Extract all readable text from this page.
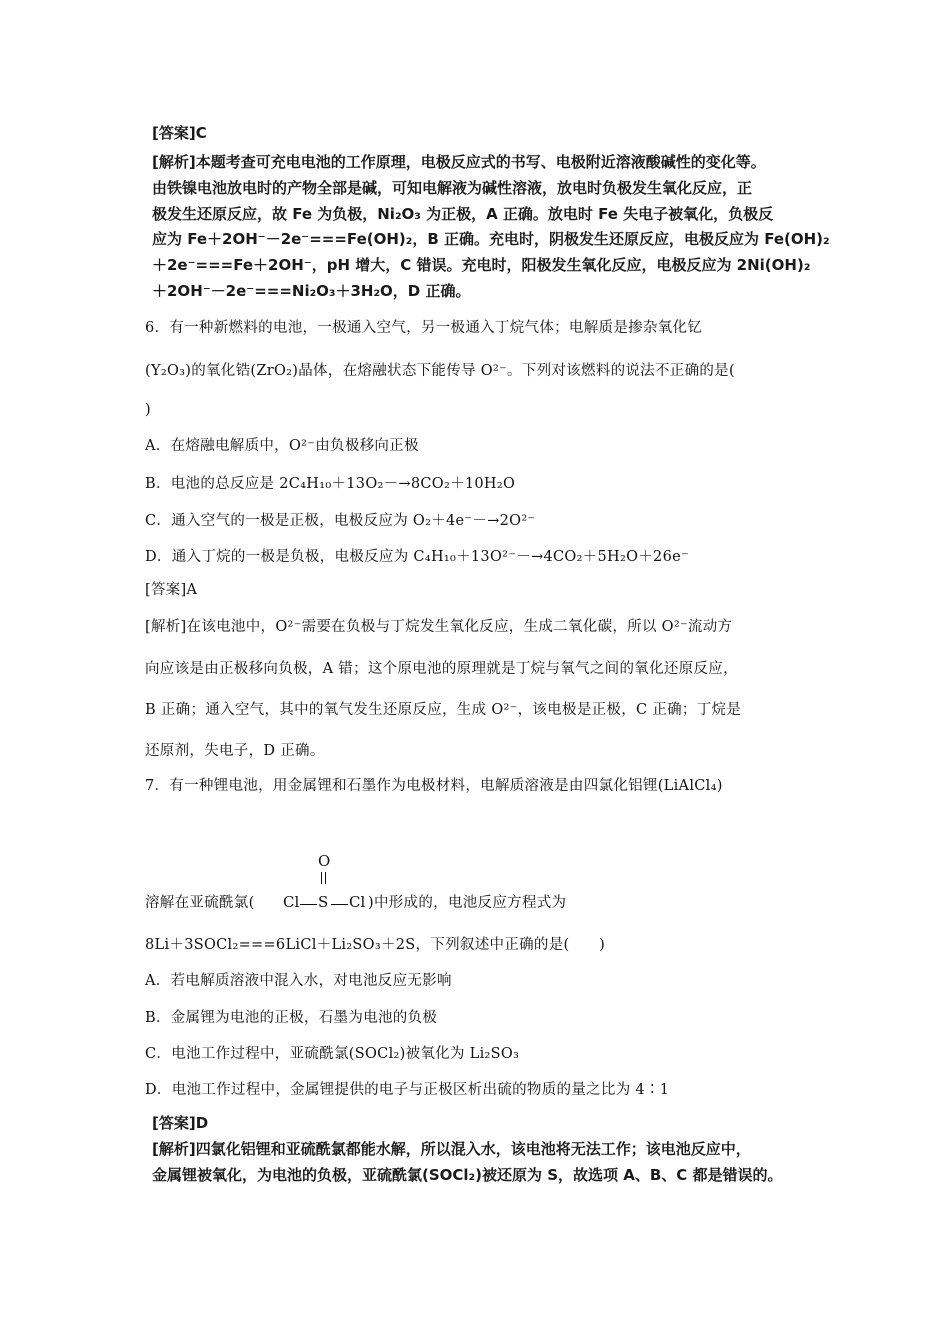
[答案]C
[解析]本题考查可充电电池的工作原理，电极反应式的书写、电极附近溶液酸碱性的变化等。
由铁镍电池放电时的产物全部是碱，可知电解液为碱性溶液，放电时负极发生氧化反应，正
极发生还原反应，故 Fe 为负极，Ni₂O₃ 为正极，A 正确。放电时 Fe 失电子被氧化，负极反
应为 Fe＋2OH⁻－2e⁻===Fe(OH)₂，B 正确。充电时，阴极发生还原反应，电极反应为 Fe(OH)₂
＋2e⁻===Fe＋2OH⁻，pH 增大，C 错误。充电时，阳极发生氧化反应，电极反应为 2Ni(OH)₂
＋2OH⁻－2e⁻===Ni₂O₃＋3H₂O，D 正确。
6．有一种新燃料的电池，一极通入空气，另一极通入丁烷气体；电解质是掺杂氧化钇
(Y₂O₃)的氧化锆(ZrO₂)晶体，在熔融状态下能传导 O²⁻。下列对该燃料的说法不正确的是(
)
A．在熔融电解质中，O²⁻由负极移向正极
B．电池的总反应是 2C₄H₁₀＋13O₂－→8CO₂＋10H₂O
C．通入空气的一极是正极，电极反应为 O₂＋4e⁻－→2O²⁻
D．通入丁烷的一极是负极，电极反应为 C₄H₁₀＋13O²⁻－→4CO₂＋5H₂O＋26e⁻
[答案]A
[解析]在该电池中，O²⁻需要在负极与丁烷发生氧化反应，生成二氧化碳，所以 O²⁻流动方
向应该是由正极移向负极，A 错；这个原电池的原理就是丁烷与氧气之间的氧化还原反应，
B 正确；通入空气，其中的氧气发生还原反应，生成 O²⁻，该电极是正极，C 正确；丁烷是
还原剂，失电子，D 正确。
7．有一种锂电池，用金属锂和石墨作为电极材料，电解质溶液是由四氯化铝锂(LiAlCl₄)
溶解在亚硫酰氯(
O
Cl S Cl )中形成的，电池反应方程式为
8Li＋3SOCl₂===6LiCl＋Li₂SO₃＋2S，下列叙述中正确的是(　　)
A．若电解质溶液中混入水，对电池反应无影响
B．金属锂为电池的正极，石墨为电池的负极
C．电池工作过程中，亚硫酰氯(SOCl₂)被氧化为 Li₂SO₃
D．电池工作过程中，金属锂提供的电子与正极区析出硫的物质的量之比为 4∶1
[答案]D
[解析]四氯化铝锂和亚硫酰氯都能水解，所以混入水，该电池将无法工作；该电池反应中，
金属锂被氧化，为电池的负极，亚硫酰氯(SOCl₂)被还原为 S，故选项 A、B、C 都是错误的。
